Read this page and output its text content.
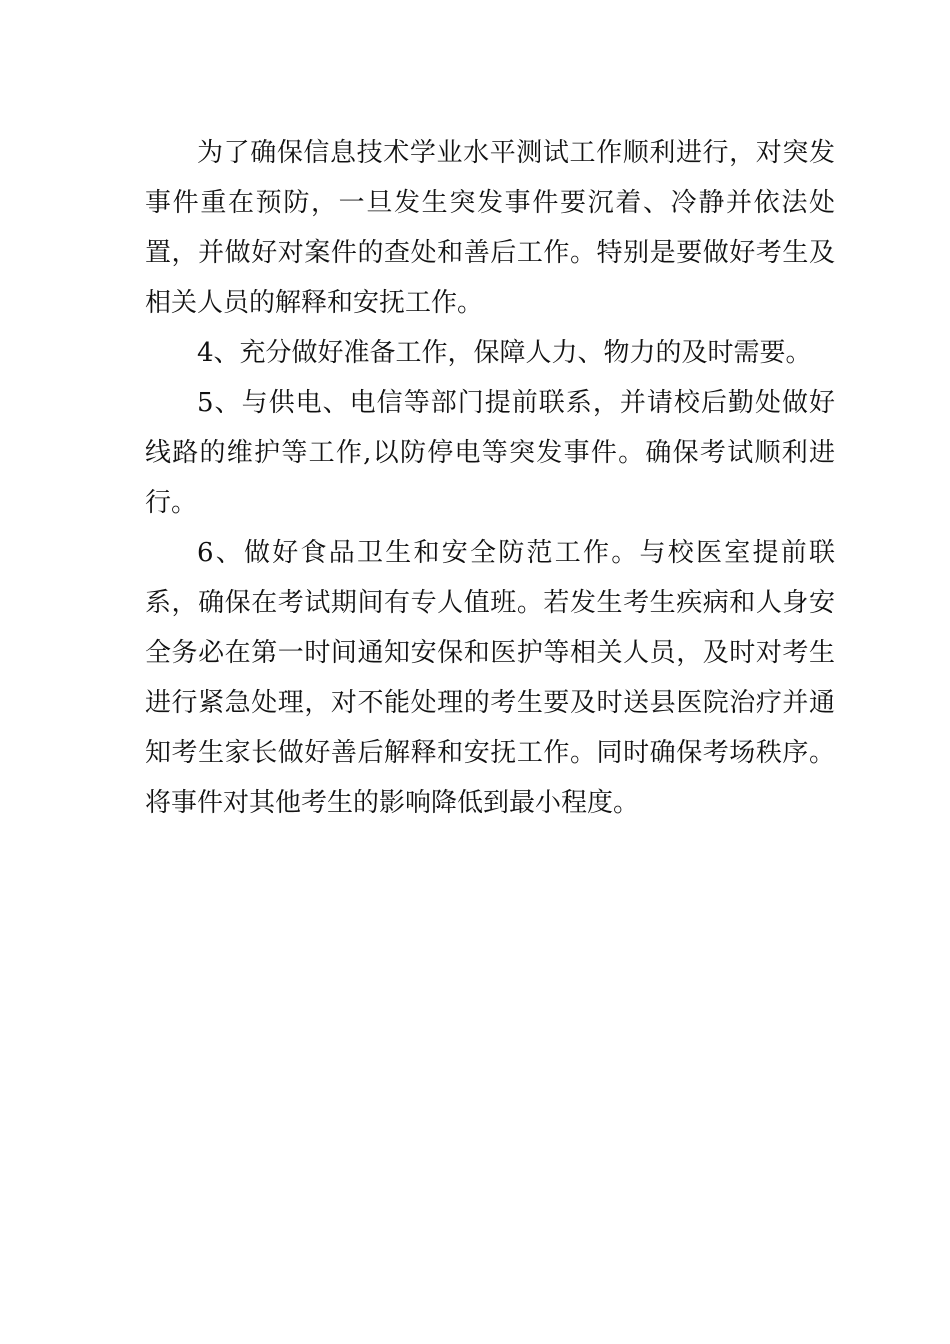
为了确保信息技术学业水平测试工作顺利进行，对突发事件重在预防，一旦发生突发事件要沉着、冷静并依法处置，并做好对案件的查处和善后工作。特别是要做好考生及相关人员的解释和安抚工作。

4、充分做好准备工作，保障人力、物力的及时需要。

5、与供电、电信等部门提前联系，并请校后勤处做好线路的维护等工作,以防停电等突发事件。确保考试顺利进行。

6、做好食品卫生和安全防范工作。与校医室提前联系，确保在考试期间有专人值班。若发生考生疾病和人身安全务必在第一时间通知安保和医护等相关人员，及时对考生进行紧急处理，对不能处理的考生要及时送县医院治疗并通知考生家长做好善后解释和安抚工作。同时确保考场秩序。将事件对其他考生的影响降低到最小程度。
